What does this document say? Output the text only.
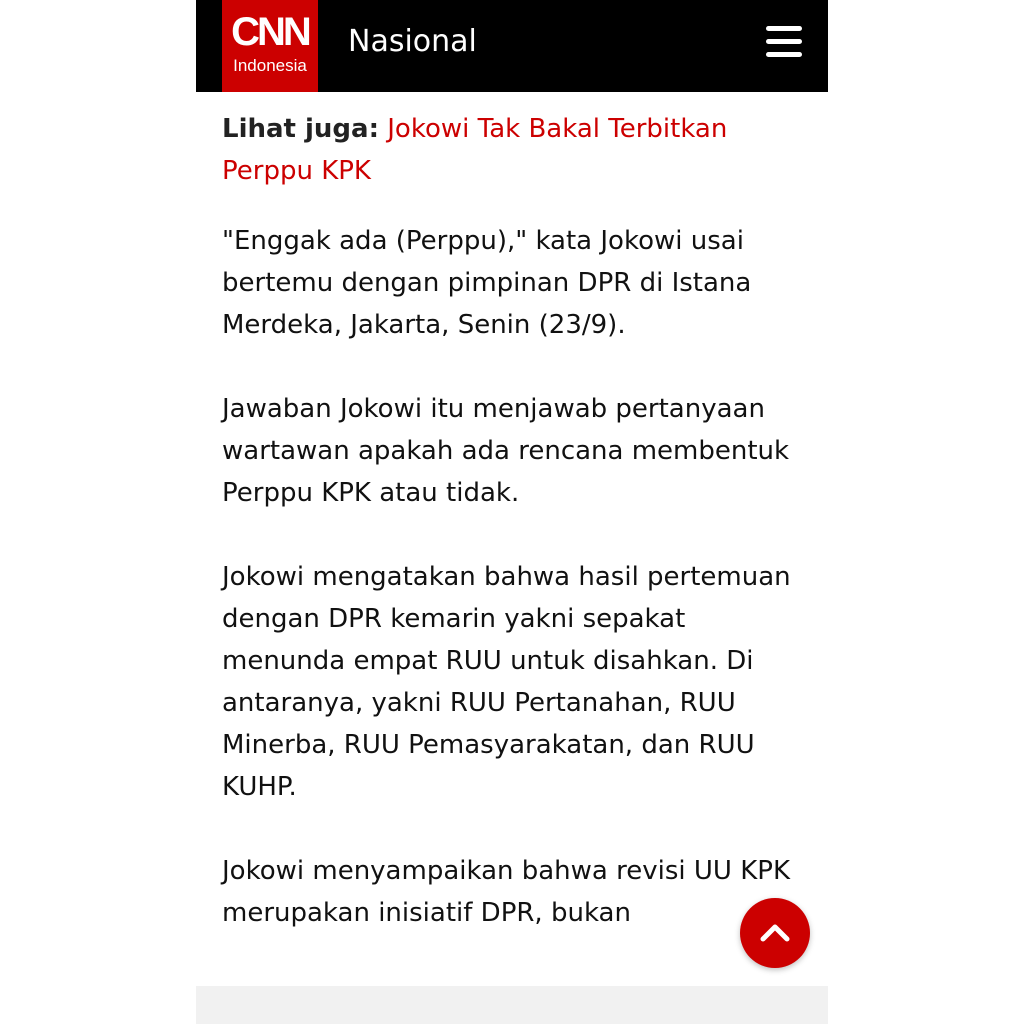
CNN
Indonesia
Nasional

Lihat juga: Jokowi Tak Bakal Terbitkan Perppu KPK

"Enggak ada (Perppu)," kata Jokowi usai bertemu dengan pimpinan DPR di Istana Merdeka, Jakarta, Senin (23/9).

Jawaban Jokowi itu menjawab pertanyaan wartawan apakah ada rencana membentuk Perppu KPK atau tidak.

Jokowi mengatakan bahwa hasil pertemuan dengan DPR kemarin yakni sepakat menunda empat RUU untuk disahkan. Di antaranya, yakni RUU Pertanahan, RUU Minerba, RUU Pemasyarakatan, dan RUU KUHP.

Jokowi menyampaikan bahwa revisi UU KPK merupakan inisiatif DPR, bukan
